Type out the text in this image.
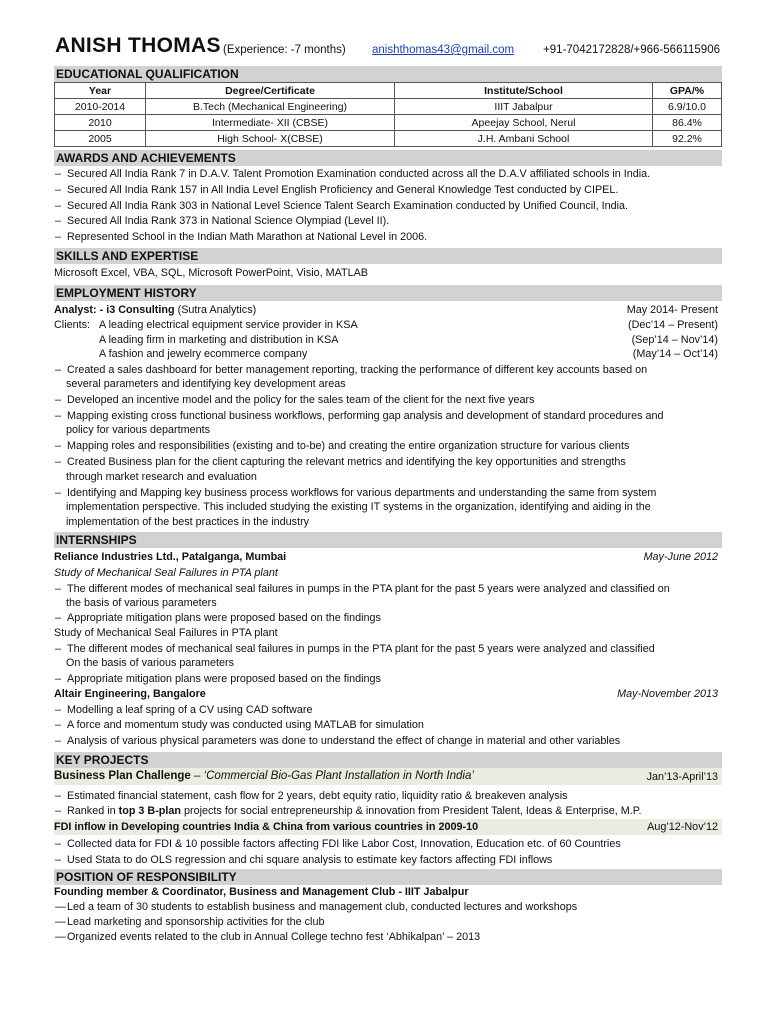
ANISH THOMAS (Experience: -7 months) anishthomas43@gmail.com	+91-7042172828/+966-566115906
EDUCATIONAL QUALIFICATION
Year	Degree/Certificate	Institute/School	GPA/%
2010-2014	B.Tech (Mechanical Engineering)	IIIT Jabalpur	6.9/10.0
2010	Intermediate- XII (CBSE)	Apeejay School, Nerul	86.4%
2005	High School- X(CBSE)	J.H. Ambani School	92.2%
AWARDS AND ACHIEVEMENTS
– Secured All India Rank 7 in D.A.V. Talent Promotion Examination conducted across all the D.A.V affiliated schools in India.
– Secured All India Rank 157 in All India Level English Proficiency and General Knowledge Test conducted by CIPEL.
– Secured All India Rank 303 in National Level Science Talent Search Examination conducted by Unified Council, India.
– Secured All India Rank 373 in National Science Olympiad (Level II).
– Represented School in the Indian Math Marathon at National Level in 2006.
SKILLS AND EXPERTISE
Microsoft Excel, VBA, SQL, Microsoft PowerPoint, Visio, MATLAB
EMPLOYMENT HISTORY
Analyst: - i3 Consulting (Sutra Analytics)	May 2014- Present
Clients: A leading electrical equipment service provider in KSA	(Dec’14 – Present)
A leading firm in marketing and distribution in KSA	(Sep’14 – Nov’14)
A fashion and jewelry ecommerce company	(May’14 – Oct’14)
– Created a sales dashboard for better management reporting, tracking the performance of different key accounts based on
several parameters and identifying key development areas
– Developed an incentive model and the policy for the sales team of the client for the next five years
– Mapping existing cross functional business workflows, performing gap analysis and development of standard procedures and
policy for various departments
– Mapping roles and responsibilities (existing and to-be) and creating the entire organization structure for various clients
– Created Business plan for the client capturing the relevant metrics and identifying the key opportunities and strengths
through market research and evaluation
– Identifying and Mapping key business process workflows for various departments and understanding the same from system
implementation perspective. This included studying the existing IT systems in the organization, identifying and aiding in the
implementation of the best practices in the industry
INTERNSHIPS
Reliance Industries Ltd., Patalganga, Mumbai	May-June 2012
Study of Mechanical Seal Failures in PTA plant
– The different modes of mechanical seal failures in pumps in the PTA plant for the past 5 years were analyzed and classified on
the basis of various parameters
– Appropriate mitigation plans were proposed based on the findings
Study of Mechanical Seal Failures in PTA plant
– The different modes of mechanical seal failures in pumps in the PTA plant for the past 5 years were analyzed and classified
On the basis of various parameters
– Appropriate mitigation plans were proposed based on the findings
Altair Engineering, Bangalore	May-November 2013
– Modelling a leaf spring of a CV using CAD software
– A force and momentum study was conducted using MATLAB for simulation
– Analysis of various physical parameters was done to understand the effect of change in material and other variables
KEY PROJECTS
Business Plan Challenge – ‘Commercial Bio-Gas Plant Installation in North India’	Jan’13-April’13
– Estimated financial statement, cash flow for 2 years, debt equity ratio, liquidity ratio & breakeven analysis
– Ranked in top 3 B-plan projects for social entrepreneurship & innovation from President Talent, Ideas & Enterprise, M.P.
FDI inflow in Developing countries India & China from various countries in 2009-10	Aug’12-Nov’12
– Collected data for FDI & 10 possible factors affecting FDI like Labor Cost, Innovation, Education etc. of 60 Countries
– Used Stata to do OLS regression and chi square analysis to estimate key factors affecting FDI inflows
POSITION OF RESPONSIBILITY
Founding member & Coordinator, Business and Management Club - IIIT Jabalpur
—Led a team of 30 students to establish business and management club, conducted lectures and workshops
—Lead marketing and sponsorship activities for the club
—Organized events related to the club in Annual College techno fest ‘Abhikalpan’ – 2013
